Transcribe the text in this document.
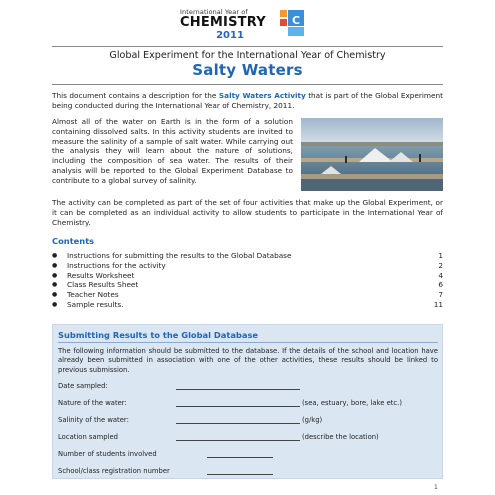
International Year of
CHEMISTRY
2011
C
Global Experiment for the International Year of Chemistry
Salty Waters
This document contains a description for the Salty Waters Activity that is part of the Global Experiment being conducted during the International Year of Chemistry, 2011.
Almost all of the water on Earth is in the form of a solution containing dissolved salts. In this activity students are invited to measure the salinity of a sample of salt water. While carrying out the analysis they will learn about the nature of solutions, including the composition of sea water. The results of their analysis will be reported to the Global Experiment Database to contribute to a global survey of salinity.
The activity can be completed as part of the set of four activities that make up the Global Experiment, or it can be completed as an individual activity to allow students to participate in the International Year of Chemistry.
Contents
●	Instructions for submitting the results to the Global Database	1
●	Instructions for the activity	2
●	Results Worksheet	4
●	Class Results Sheet	6
●	Teacher Notes	7
●	Sample results.	11
Submitting Results to the Global Database
The following information should be submitted to the database. If the details of the school and location have already been submitted in association with one of the other activities, these results should be linked to previous submission.
Date sampled:
Nature of the water:	(sea, estuary, bore, lake etc.)
Salinity of the water:	(g/kg)
Location sampled	(describe the location)
Number of students involved
School/class registration number
1
